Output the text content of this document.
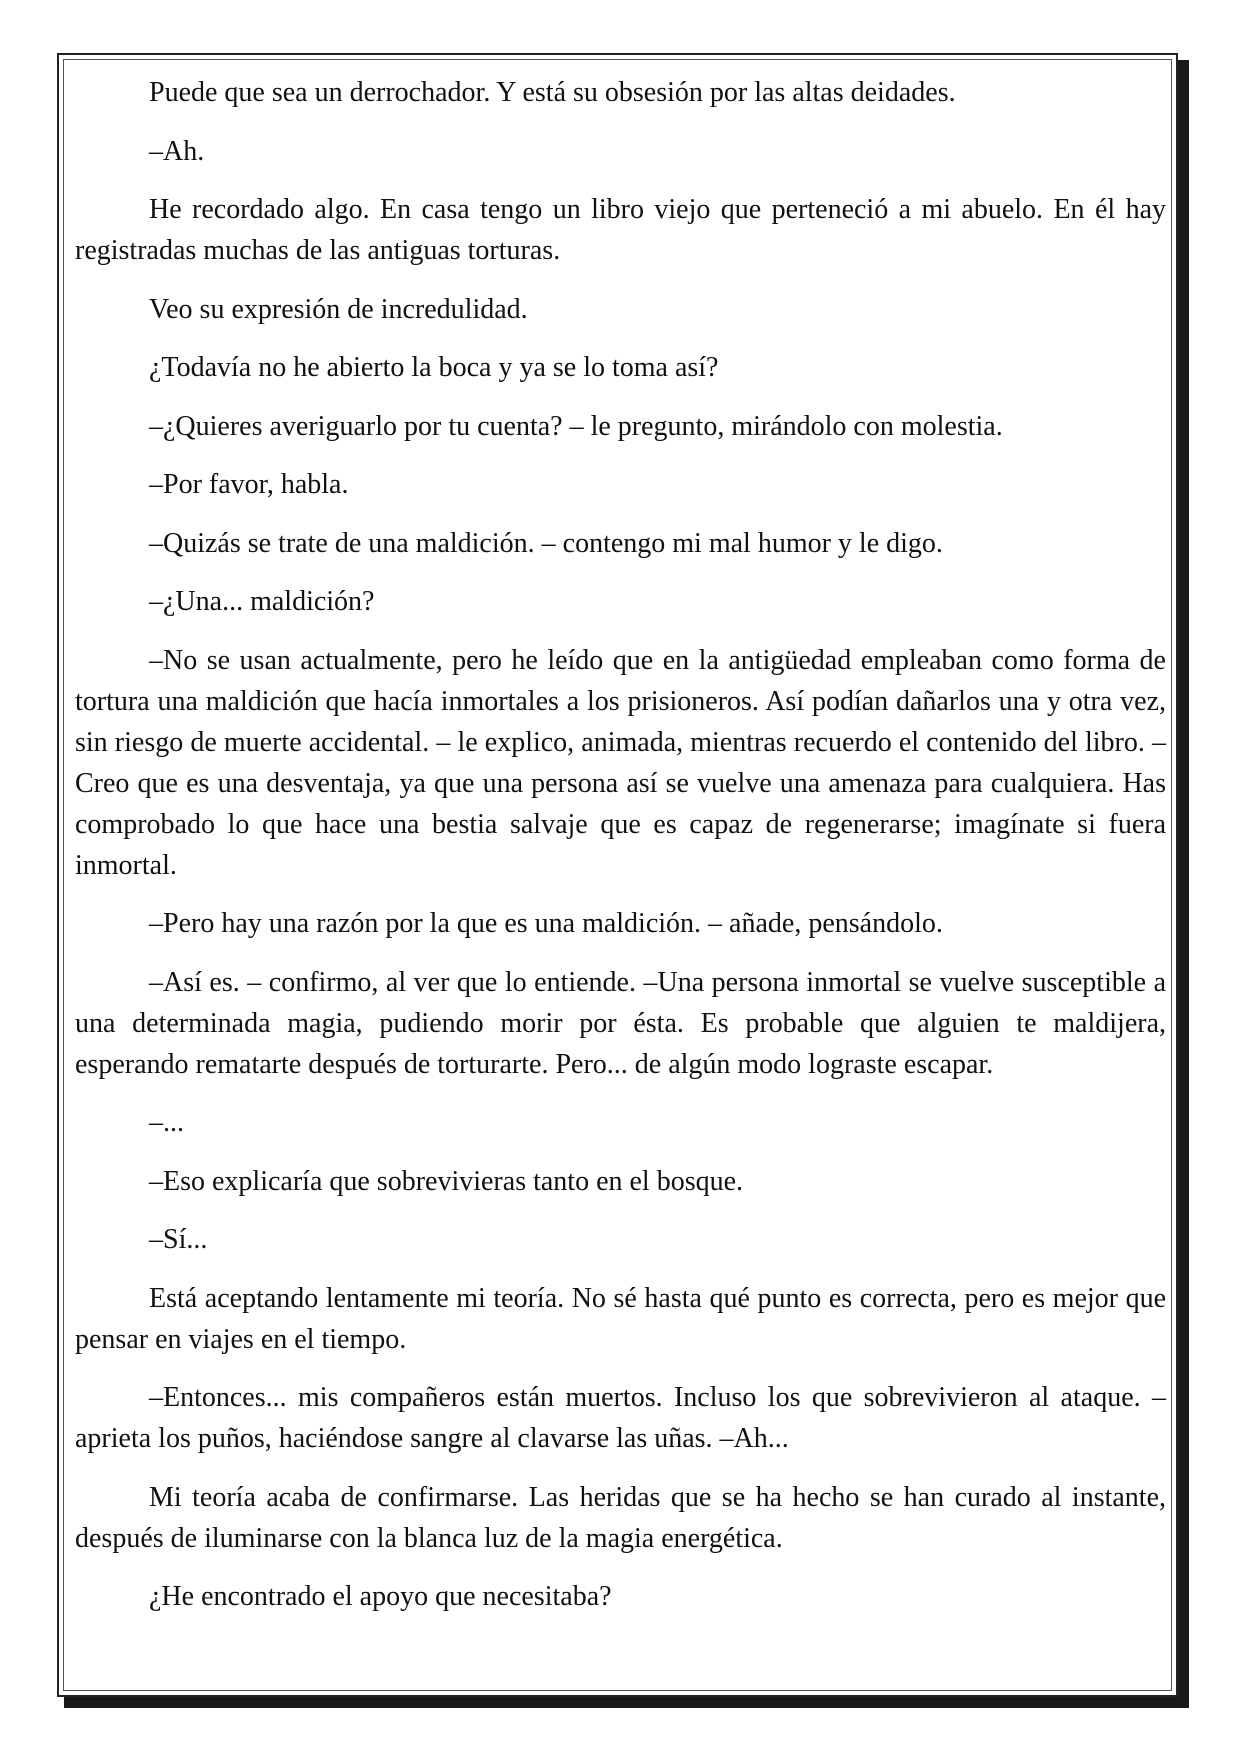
Puede que sea un derrochador. Y está su obsesión por las altas deidades.

–Ah.

He recordado algo. En casa tengo un libro viejo que perteneció a mi abuelo. En él hay registradas muchas de las antiguas torturas.

Veo su expresión de incredulidad.

¿Todavía no he abierto la boca y ya se lo toma así?

–¿Quieres averiguarlo por tu cuenta? – le pregunto, mirándolo con molestia.

–Por favor, habla.

–Quizás se trate de una maldición. – contengo mi mal humor y le digo.

–¿Una... maldición?

–No se usan actualmente, pero he leído que en la antigüedad empleaban como forma de tortura una maldición que hacía inmortales a los prisioneros. Así podían dañarlos una y otra vez, sin riesgo de muerte accidental. – le explico, animada, mientras recuerdo el contenido del libro. –Creo que es una desventaja, ya que una persona así se vuelve una amenaza para cualquiera. Has comprobado lo que hace una bestia salvaje que es capaz de regenerarse; imagínate si fuera inmortal.

–Pero hay una razón por la que es una maldición. – añade, pensándolo.

–Así es. – confirmo, al ver que lo entiende. –Una persona inmortal se vuelve susceptible a una determinada magia, pudiendo morir por ésta. Es probable que alguien te maldijera, esperando rematarte después de torturarte. Pero... de algún modo lograste escapar.

–...

–Eso explicaría que sobrevivieras tanto en el bosque.

–Sí...

Está aceptando lentamente mi teoría. No sé hasta qué punto es correcta, pero es mejor que pensar en viajes en el tiempo.

–Entonces... mis compañeros están muertos. Incluso los que sobrevivieron al ataque. – aprieta los puños, haciéndose sangre al clavarse las uñas. –Ah...

Mi teoría acaba de confirmarse. Las heridas que se ha hecho se han curado al instante, después de iluminarse con la blanca luz de la magia energética.

¿He encontrado el apoyo que necesitaba?
